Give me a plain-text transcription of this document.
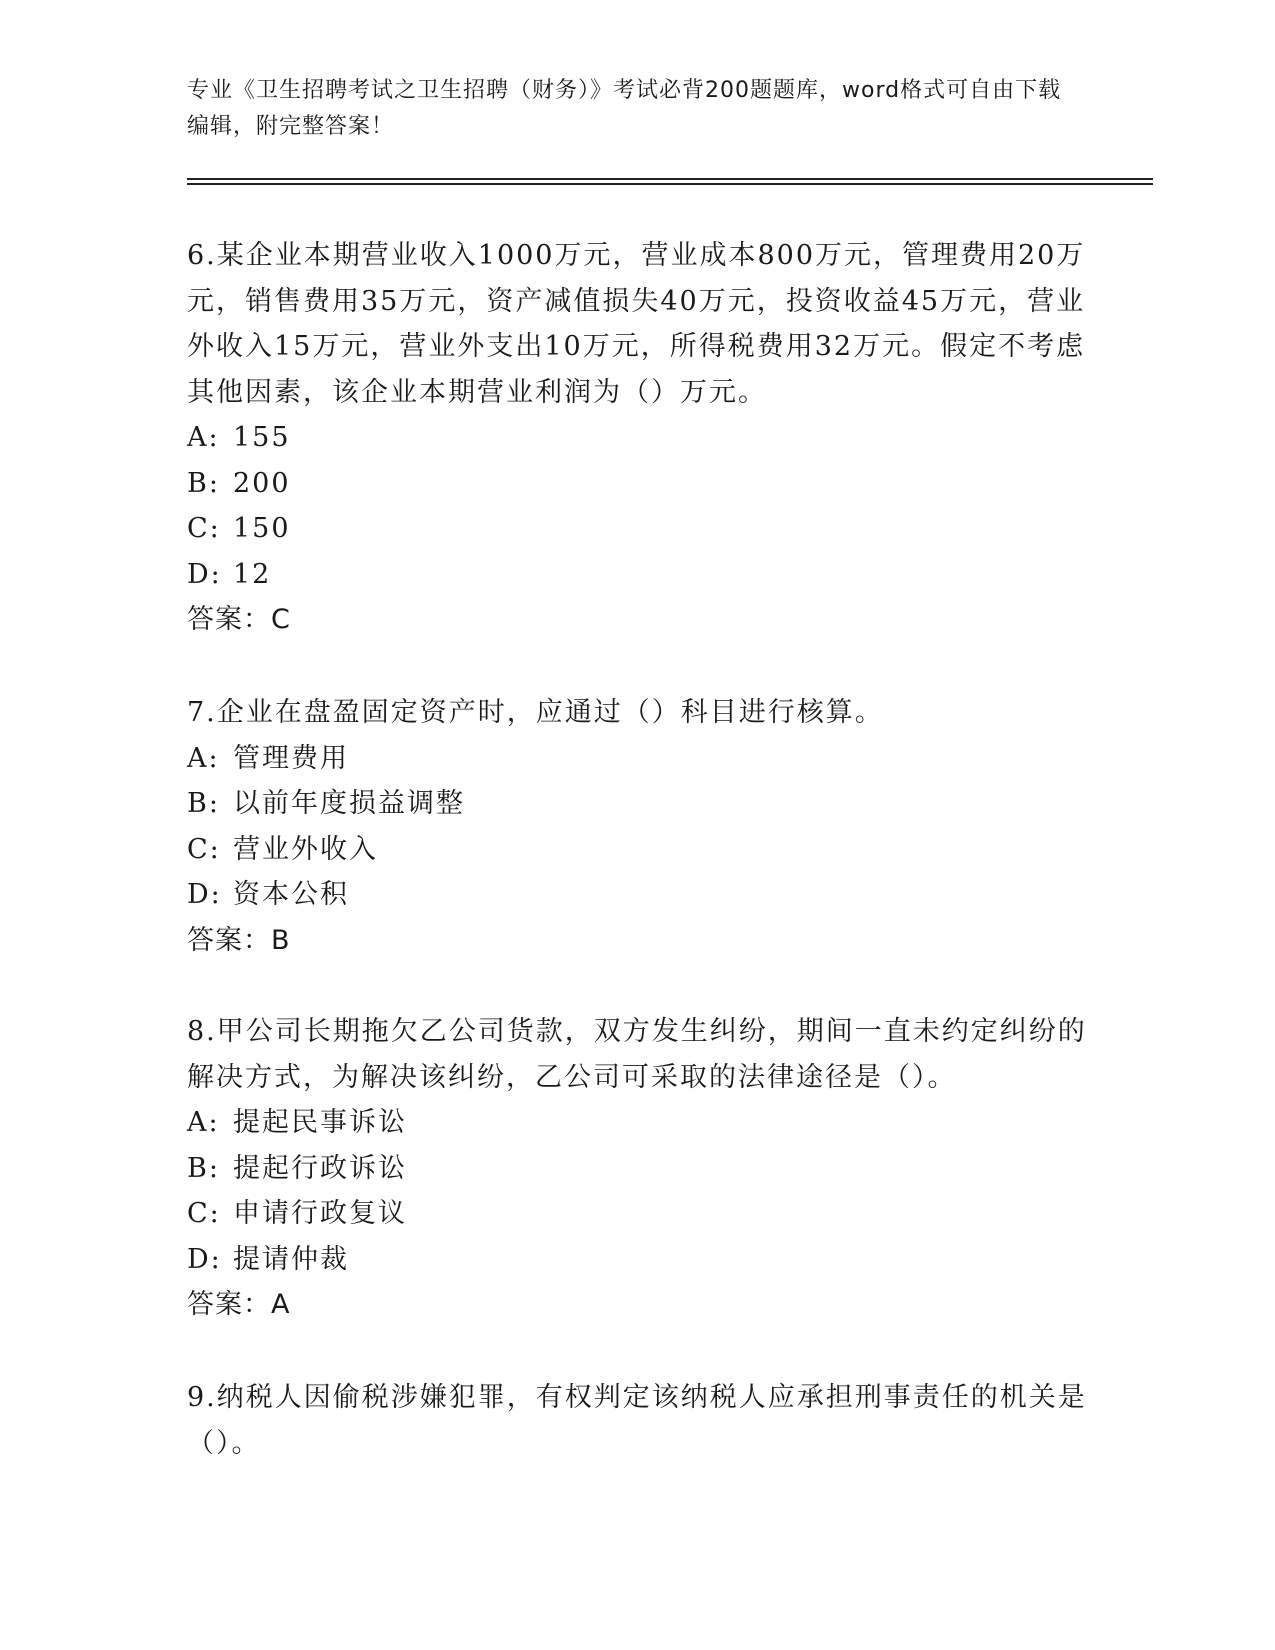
专业《卫生招聘考试之卫生招聘（财务）》考试必背200题题库，word格式可自由下载编辑，附完整答案！

6.某企业本期营业收入1000万元，营业成本800万元，管理费用20万元，销售费用35万元，资产减值损失40万元，投资收益45万元，营业外收入15万元，营业外支出10万元，所得税费用32万元。假定不考虑其他因素，该企业本期营业利润为（）万元。

A: 155

B: 200

C: 150

D: 12

答案：C

7.企业在盘盈固定资产时，应通过（）科目进行核算。

A: 管理费用

B: 以前年度损益调整

C: 营业外收入

D: 资本公积

答案：B

8.甲公司长期拖欠乙公司货款，双方发生纠纷，期间一直未约定纠纷的解决方式，为解决该纠纷，乙公司可采取的法律途径是（）。

A: 提起民事诉讼

B: 提起行政诉讼

C: 申请行政复议

D: 提请仲裁

答案：A

9.纳税人因偷税涉嫌犯罪，有权判定该纳税人应承担刑事责任的机关是（）。
